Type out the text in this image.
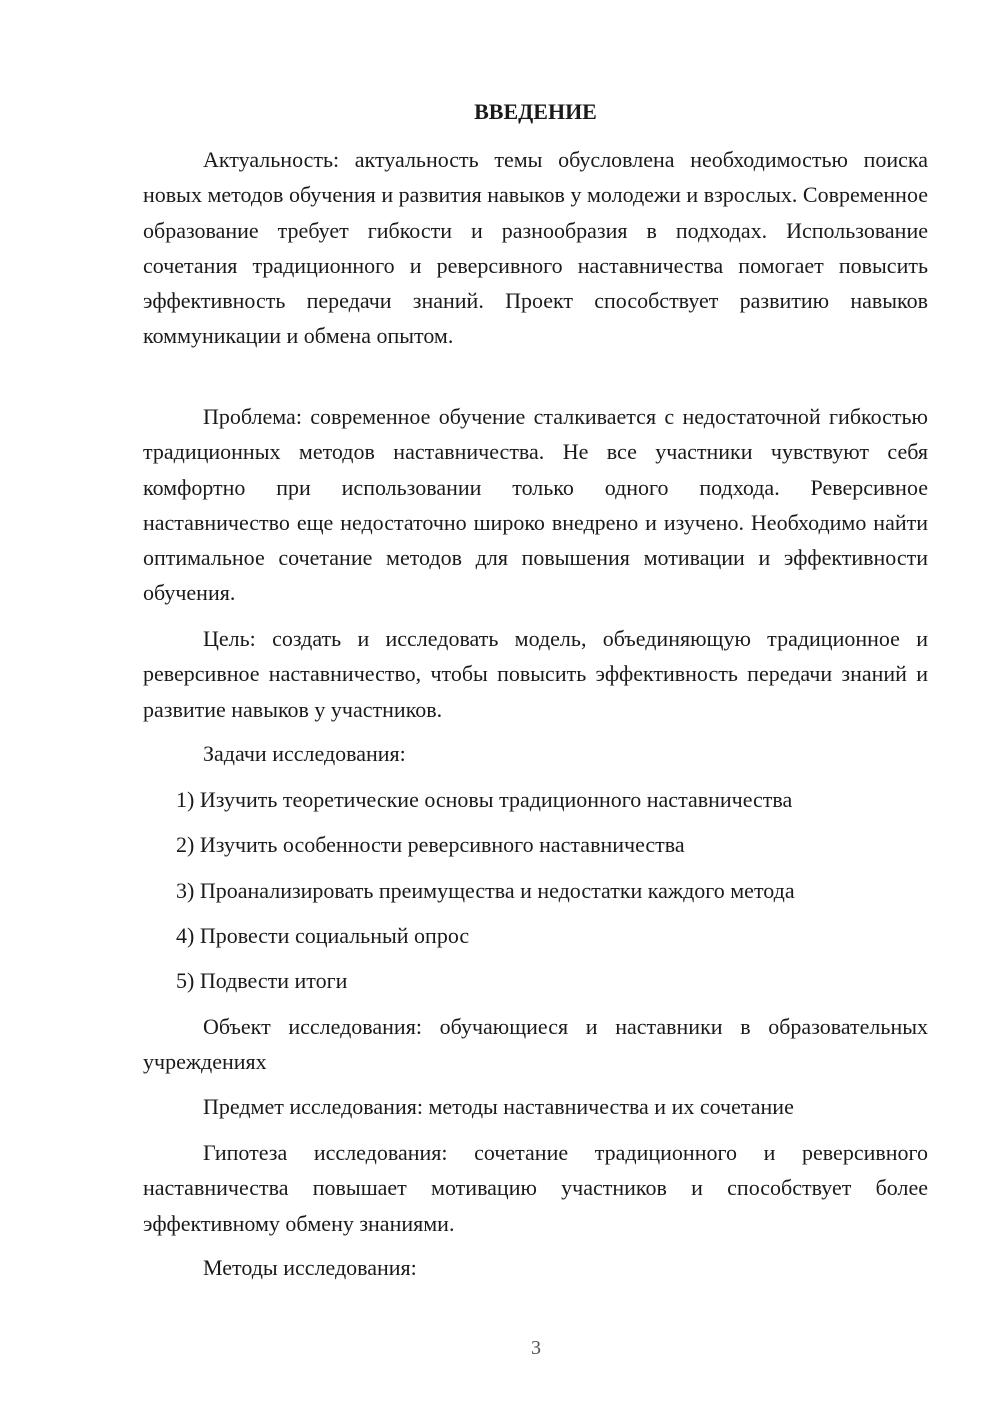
ВВЕДЕНИЕ

Актуальность: актуальность темы обусловлена необходимостью поиска новых методов обучения и развития навыков у молодежи и взрослых. Современное образование требует гибкости и разнообразия в подходах. Использование сочетания традиционного и реверсивного наставничества помогает повысить эффективность передачи знаний. Проект способствует развитию навыков коммуникации и обмена опытом.

Проблема: современное обучение сталкивается с недостаточной гибкостью традиционных методов наставничества. Не все участники чувствуют себя комфортно при использовании только одного подхода. Реверсивное наставничество еще недостаточно широко внедрено и изучено. Необходимо найти оптимальное сочетание методов для повышения мотивации и эффективности обучения.

Цель: создать и исследовать модель, объединяющую традиционное и реверсивное наставничество, чтобы повысить эффективность передачи знаний и развитие навыков у участников.

Задачи исследования:
1) Изучить теоретические основы традиционного наставничества
2) Изучить особенности реверсивного наставничества
3) Проанализировать преимущества и недостатки каждого метода
4) Провести социальный опрос
5) Подвести итоги

Объект исследования: обучающиеся и наставники в образовательных учреждениях

Предмет исследования: методы наставничества и их сочетание

Гипотеза исследования: сочетание традиционного и реверсивного наставничества повышает мотивацию участников и способствует более эффективному обмену знаниями.

Методы исследования:
3
